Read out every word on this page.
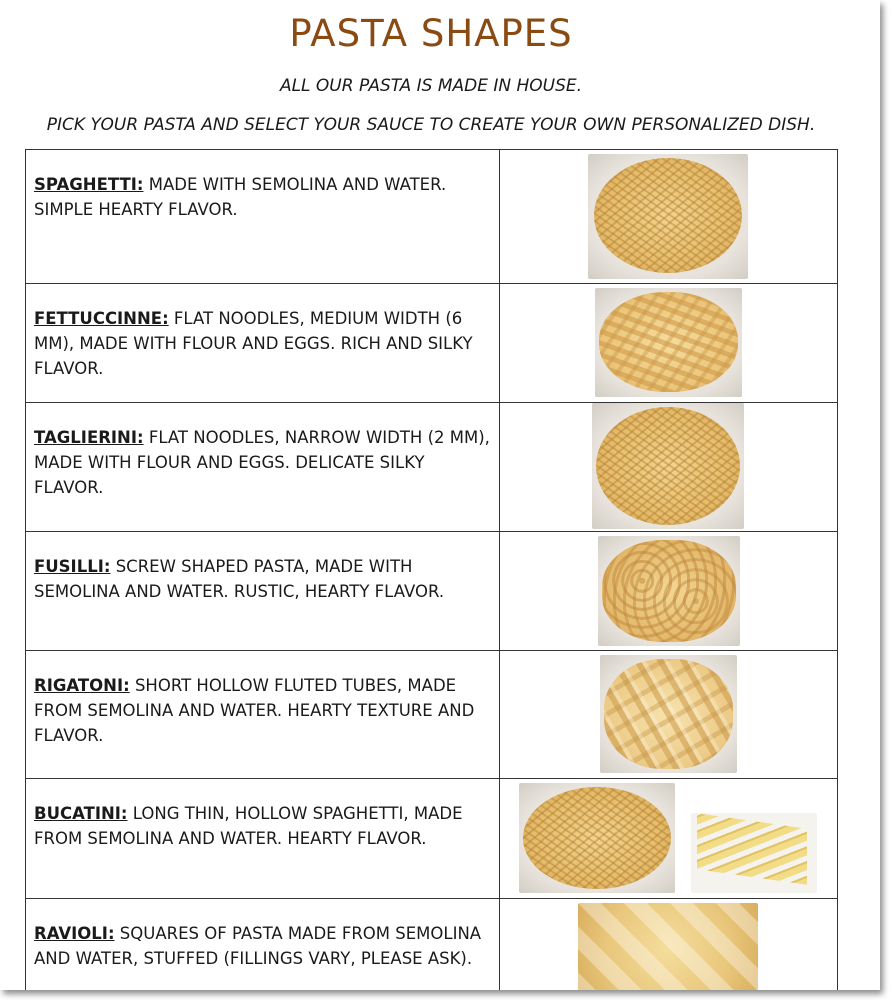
PASTA SHAPES
ALL OUR PASTA IS MADE IN HOUSE.
PICK YOUR PASTA AND SELECT YOUR SAUCE TO CREATE YOUR OWN PERSONALIZED DISH.
SPAGHETTI: MADE WITH SEMOLINA AND WATER. SIMPLE HEARTY FLAVOR.	

FETTUCCINNE: FLAT NOODLES, MEDIUM WIDTH (6 MM), MADE WITH FLOUR AND EGGS. RICH AND SILKY FLAVOR.	

TAGLIERINI: FLAT NOODLES, NARROW WIDTH (2 MM), MADE WITH FLOUR AND EGGS. DELICATE SILKY FLAVOR.	

FUSILLI: SCREW SHAPED PASTA, MADE WITH SEMOLINA AND WATER. RUSTIC, HEARTY FLAVOR.	

RIGATONI: SHORT HOLLOW FLUTED TUBES, MADE FROM SEMOLINA AND WATER. HEARTY TEXTURE AND FLAVOR.	

BUCATINI: LONG THIN, HOLLOW SPAGHETTI, MADE FROM SEMOLINA AND WATER. HEARTY FLAVOR.	

RAVIOLI: SQUARES OF PASTA MADE FROM SEMOLINA AND WATER, STUFFED (FILLINGS VARY, PLEASE ASK).	
